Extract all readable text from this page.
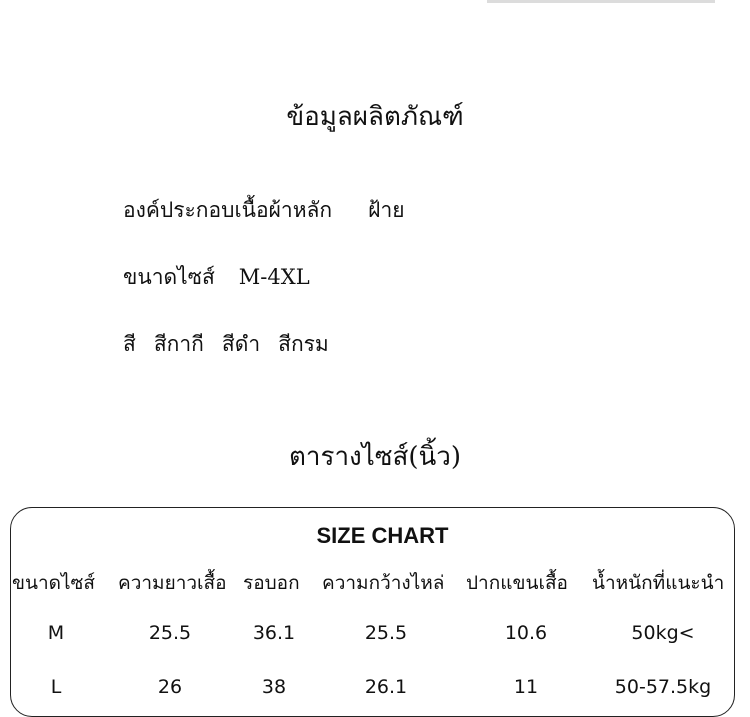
ข้อมูลผลิตภัณฑ์
องค์ประกอบเนื้อผ้าหลัก ฝ้าย
ขนาดไซส์ M-4XL
สี สีกากี สีดำ สีกรม
ตารางไซส์(นิ้ว)
SIZE CHART
ขนาดไซส์ ความยาวเสื้อ รอบอก ความกว้างไหล่ ปากแขนเสื้อ น้ำหนักที่แนะนำ
M	25.5	36.1	25.5	10.6	50kg<
L	26	38	26.1	11	50-57.5kg
